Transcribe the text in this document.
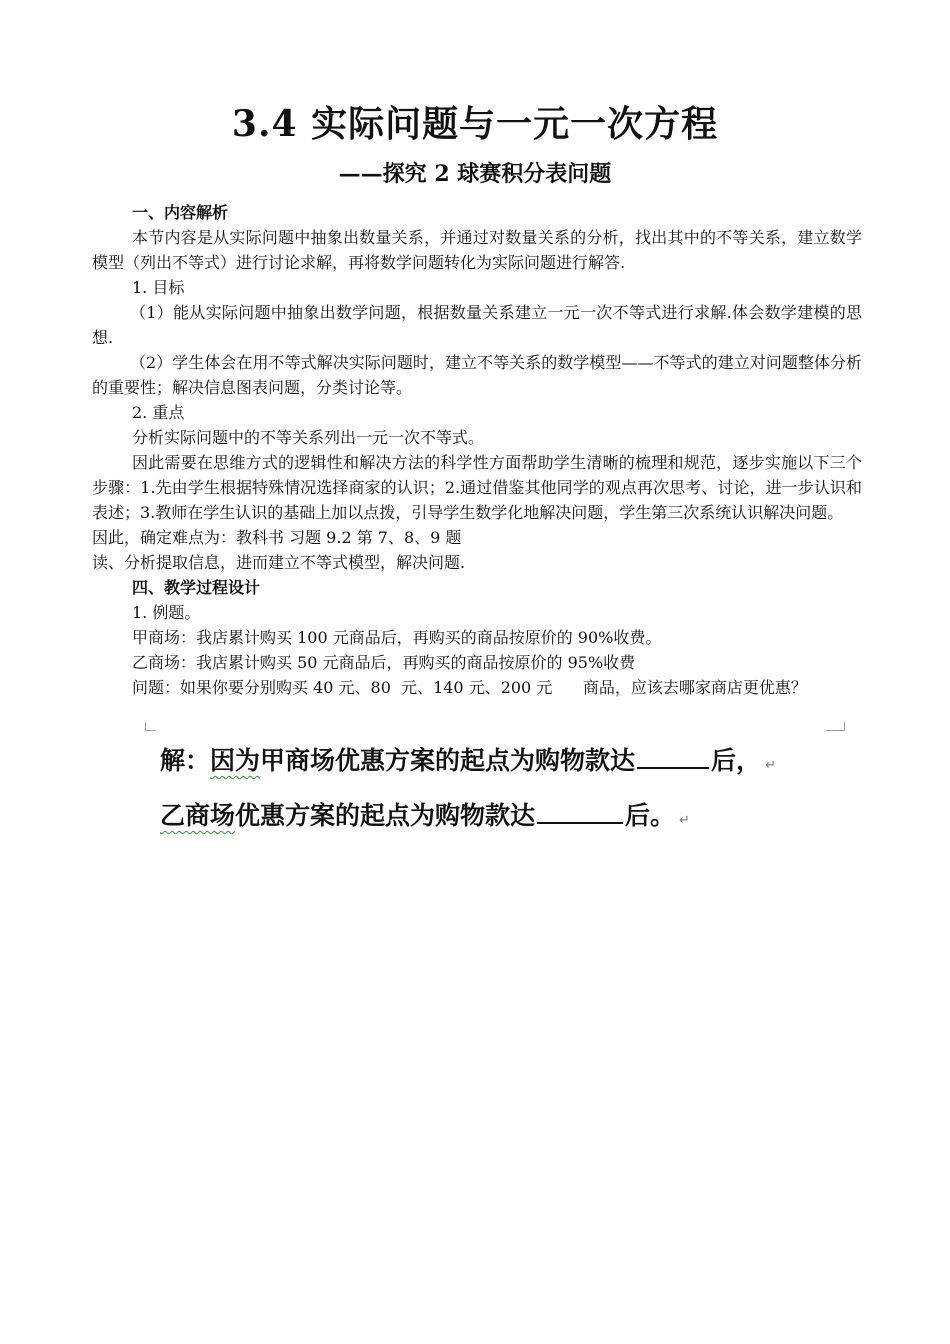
3.4 实际问题与一元一次方程
——探究 2 球赛积分表问题

一、内容解析

本节内容是从实际问题中抽象出数量关系，并通过对数量关系的分析，找出其中的不等关系，建立数学模型（列出不等式）进行讨论求解，再将数学问题转化为实际问题进行解答.

1. 目标

（1）能从实际问题中抽象出数学问题，根据数量关系建立一元一次不等式进行求解.体会数学建模的思想.

（2）学生体会在用不等式解决实际问题时，建立不等关系的数学模型——不等式的建立对问题整体分析的重要性；解决信息图表问题，分类讨论等。

2. 重点

分析实际问题中的不等关系列出一元一次不等式。

因此需要在思维方式的逻辑性和解决方法的科学性方面帮助学生清晰的梳理和规范，逐步实施以下三个步骤：1.先由学生根据特殊情况选择商家的认识；2.通过借鉴其他同学的观点再次思考、讨论，进一步认识和表述；3.教师在学生认识的基础上加以点拨，引导学生数学化地解决问题，学生第三次系统认识解决问题。

因此，确定难点为：教科书 习题 9.2 第 7、8、9 题

读、分析提取信息，进而建立不等式模型，解决问题.

四、教学过程设计

1. 例题。

甲商场：我店累计购买 100 元商品后，再购买的商品按原价的 90%收费。

乙商场：我店累计购买 50 元商品后，再购买的商品按原价的 95%收费

问题：如果你要分别购买 40 元、80  元、140 元、200 元      商品，应该去哪家商店更优惠？

解：因为甲商场优惠方案的起点为购物款达	后， ↵

乙商场优惠方案的起点为购物款达	后。 ↵
